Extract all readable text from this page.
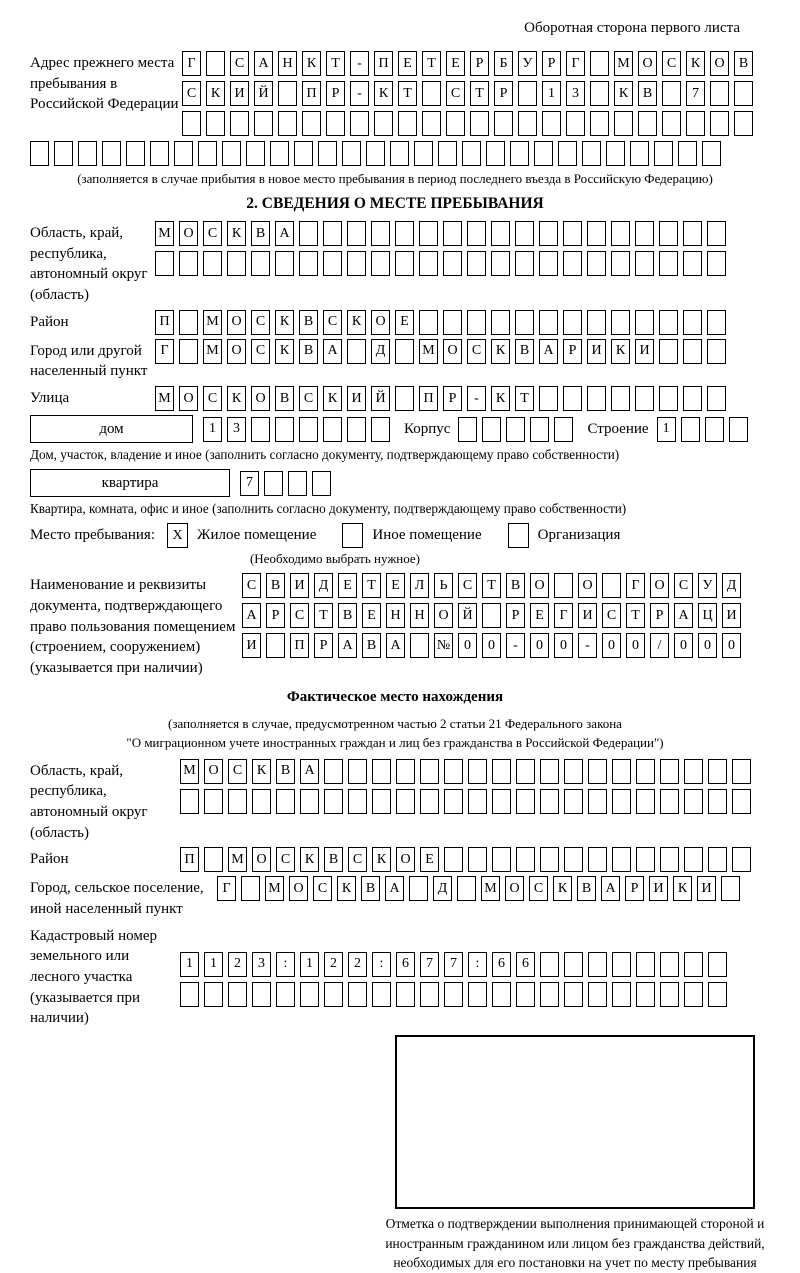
Оборотная сторона первого листа
Адрес прежнего места пребывания в Российской Федерации
Г	С	А Н	К	Т	-	П	Е	Т	Е	Р	Б	У	Р	Г	М О	С	К	О	В
С	К	И Й	П	Р	-	К	Т	С	Т	Р	1	3	К	В	7
(заполняется в случае прибытия в новое место пребывания в период последнего въезда в Российскую Федерацию)
2. СВЕДЕНИЯ О МЕСТЕ ПРЕБЫВАНИЯ
Область, край, республика, автономный округ (область)
М О	С	К	В	А
Район	П	М О	С	К	В	С	К	О	Е
Город или другой населенный пункт
Г	М О	С	К	В	А	Д	М О	С	К	В	А	Р	И	К	И
Улица	М О	С	К	О	В	С	К	И Й	П	Р	-	К	Т
дом	1	3	Корпус	Строение	1
Дом, участок, владение и иное (заполнить согласно документу, подтверждающему право собственности)
квартира	7
Квартира, комната, офис и иное (заполнить согласно документу, подтверждающему право собственности)
Место пребывания:	X Жилое помещение	Иное помещение	Организация
(Необходимо выбрать нужное)
Наименование и реквизиты документа, подтверждающего право пользования помещением (строением, сооружением) (указывается при наличии)
С	В	И	Д	Е	Т	Е	Л	Ь	С	Т	В	О	О	Г	О	С	У	Д
А	Р	С	Т	В	Е	Н Н О Й	Р	Е	Г	И	С	Т	Р	А Ц И
И	П	Р	А	В	А	№ 0	0	-	0	0	-	0	0	/	0	0	0
Фактическое место нахождения
(заполняется в случае, предусмотренном частью 2 статьи 21 Федерального закона
"О миграционном учете иностранных граждан и лиц без гражданства в Российской Федерации")
Область, край, республика, автономный округ (область)
М О	С	К	В	А
Район	П	М О	С	К	В	С	К	О	Е
Город, сельское поселение, иной населенный пункт
Г	М О	С	К	В	А	Д	М О	С	К	В	А	Р	И	К	И
Кадастровый номер земельного или лесного участка (указывается при наличии)
1	1	2	3	:	1	2	2	:	6	7	7	:	6	6
Отметка о подтверждении выполнения принимающей стороной и иностранным гражданином или лицом без гражданства действий, необходимых для его постановки на учет по месту пребывания
